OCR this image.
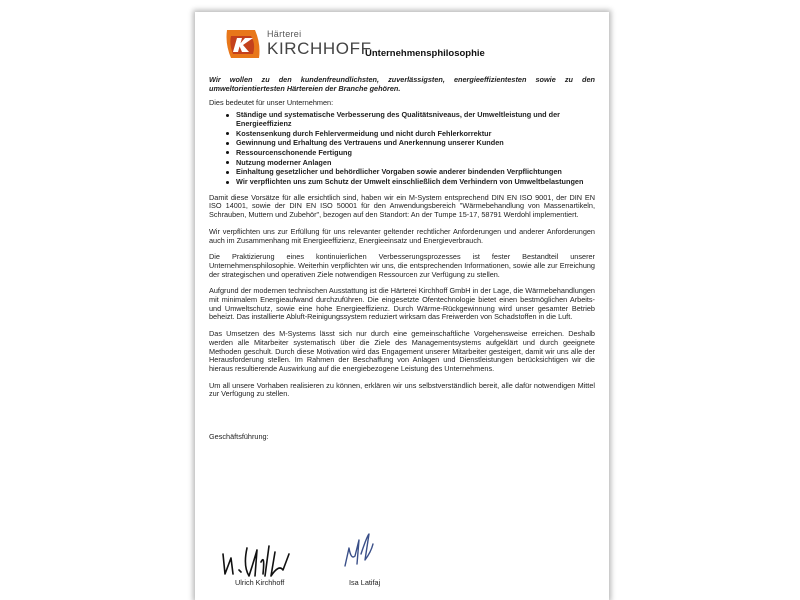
Härterei
KIRCHHOFF
Unternehmensphilosophie

Wir wollen zu den kundenfreundlichsten, zuverlässigsten, energieeffizientesten sowie zu den umweltorientiertesten Härtereien der Branche gehören.

Dies bedeutet für unser Unternehmen:

Ständige und systematische Verbesserung des Qualitätsniveaus, der Umweltleistung und der Energieeffizienz
Kostensenkung durch Fehlervermeidung und nicht durch Fehlerkorrektur
Gewinnung und Erhaltung des Vertrauens und Anerkennung unserer Kunden
Ressourcenschonende Fertigung
Nutzung moderner Anlagen
Einhaltung gesetzlicher und behördlicher Vorgaben sowie anderer bindenden Verpflichtungen
Wir verpflichten uns zum Schutz der Umwelt einschließlich dem Verhindern von Umweltbelastungen

Damit diese Vorsätze für alle ersichtlich sind, haben wir ein M-System entsprechend DIN EN ISO 9001, der DIN EN ISO 14001, sowie der DIN EN ISO 50001 für den Anwendungsbereich "Wärmebehandlung von Massenartikeln, Schrauben, Muttern und Zubehör", bezogen auf den Standort: An der Tumpe 15-17, 58791 Werdohl implementiert.

Wir verpflichten uns zur Erfüllung für uns relevanter geltender rechtlicher Anforderungen und anderer Anforderungen auch im Zusammenhang mit Energieeffizienz, Energieeinsatz und Energieverbrauch.

Die Praktizierung eines kontinuierlichen Verbesserungsprozesses ist fester Bestandteil unserer Unternehmensphilosophie. Weiterhin verpflichten wir uns, die entsprechenden Informationen, sowie alle zur Erreichung der strategischen und operativen Ziele notwendigen Ressourcen zur Verfügung zu stellen.

Aufgrund der modernen technischen Ausstattung ist die Härterei Kirchhoff GmbH in der Lage, die Wärmebehandlungen mit minimalem Energieaufwand durchzuführen. Die eingesetzte Ofentechnologie bietet einen bestmöglichen Arbeits- und Umweltschutz, sowie eine hohe Energieeffizienz. Durch Wärme-Rückgewinnung wird unser gesamter Betrieb beheizt. Das installierte Abluft-Reinigungssystem reduziert wirksam das Freiwerden von Schadstoffen in die Luft.

Das Umsetzen des M-Systems lässt sich nur durch eine gemeinschaftliche Vorgehensweise erreichen. Deshalb werden alle Mitarbeiter systematisch über die Ziele des Managementsystems aufgeklärt und durch geeignete Methoden geschult. Durch diese Motivation wird das Engagement unserer Mitarbeiter gesteigert, damit wir uns alle der Herausforderung stellen. Im Rahmen der Beschaffung von Anlagen und Dienstleistungen berücksichtigen wir die hieraus resultierende Auswirkung auf die energiebezogene Leistung des Unternehmens.

Um all unsere Vorhaben realisieren zu können, erklären wir uns selbstverständlich bereit, alle dafür notwendigen Mittel zur Verfügung zu stellen.

Geschäftsführung:

Ulrich Kirchhoff	Isa Latifaj
